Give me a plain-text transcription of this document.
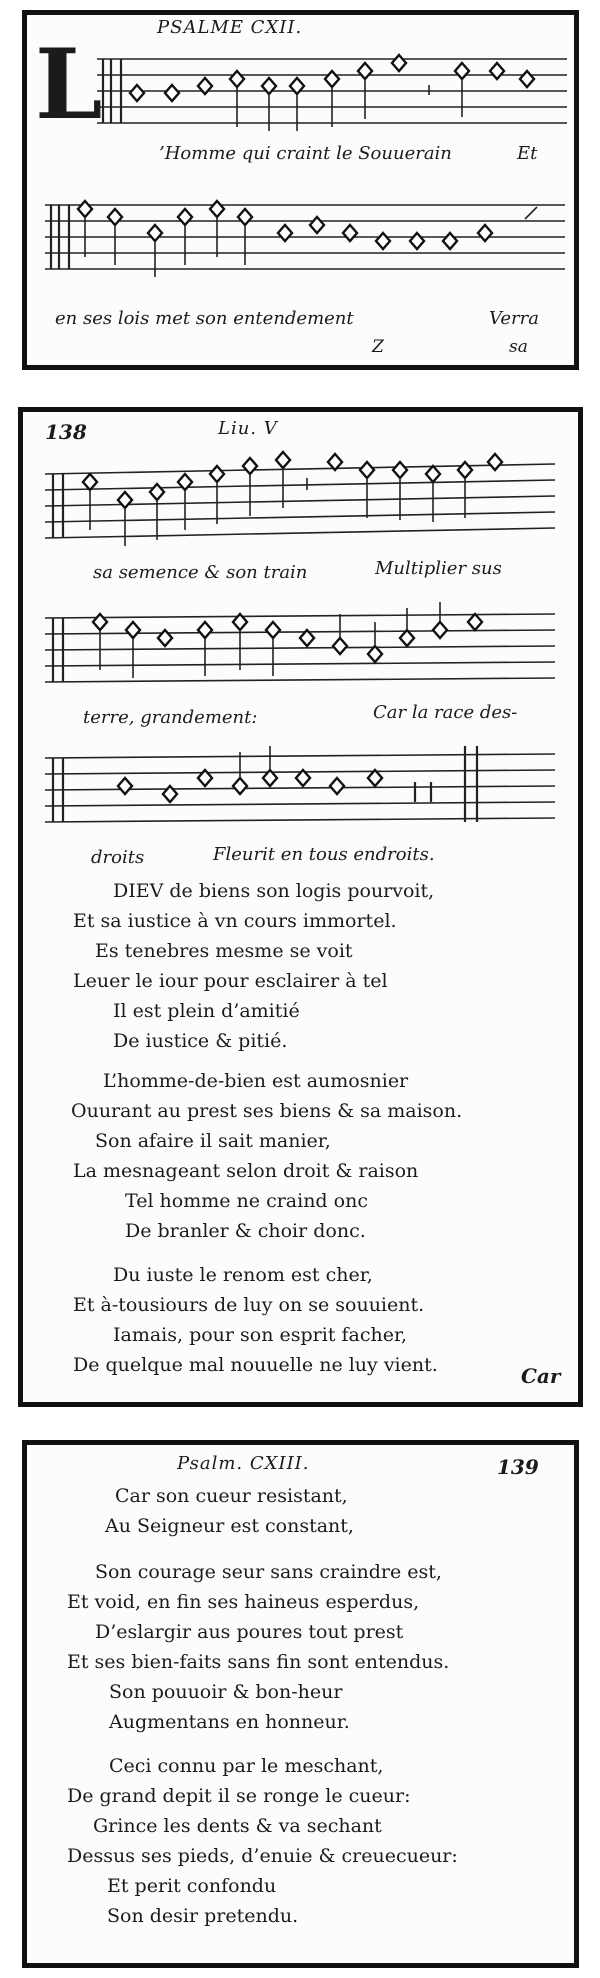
PSALME CXII.
L
’Homme qui craint le Souuerain	Et
en ses lois met son entendement	Verra
Z	sa
138	Liu. V
sa semence & son train	Multiplier sus
terre, grandement:	Car la race des-
droits	Fleurit en tous endroits.
DIEV de biens son logis pourvoit,
Et sa iustice à vn cours immortel.
Es tenebres mesme se voit
Leuer le iour pour esclairer à tel
Il est plein d’amitié
De iustice & pitié.
L’homme-de-bien est aumosnier
Ouurant au prest ses biens & sa maison.
Son afaire il sait manier,
La mesnageant selon droit & raison
Tel homme ne craind onc
De branler & choir donc.
Du iuste le renom est cher,
Et à-tousiours de luy on se souuient.
Iamais, pour son esprit facher,
De quelque mal nouuelle ne luy vient.	Car
Psalm. CXIII.	139
Car son cueur resistant,
Au Seigneur est constant,
Son courage seur sans craindre est,
Et void, en fin ses haineus esperdus,
D’eslargir aus poures tout prest
Et ses bien-faits sans fin sont entendus.
Son pouuoir & bon-heur
Augmentans en honneur.
Ceci connu par le meschant,
De grand depit il se ronge le cueur:
Grince les dents & va sechant
Dessus ses pieds, d’enuie & creuecueur:
Et perit confondu
Son desir pretendu.
